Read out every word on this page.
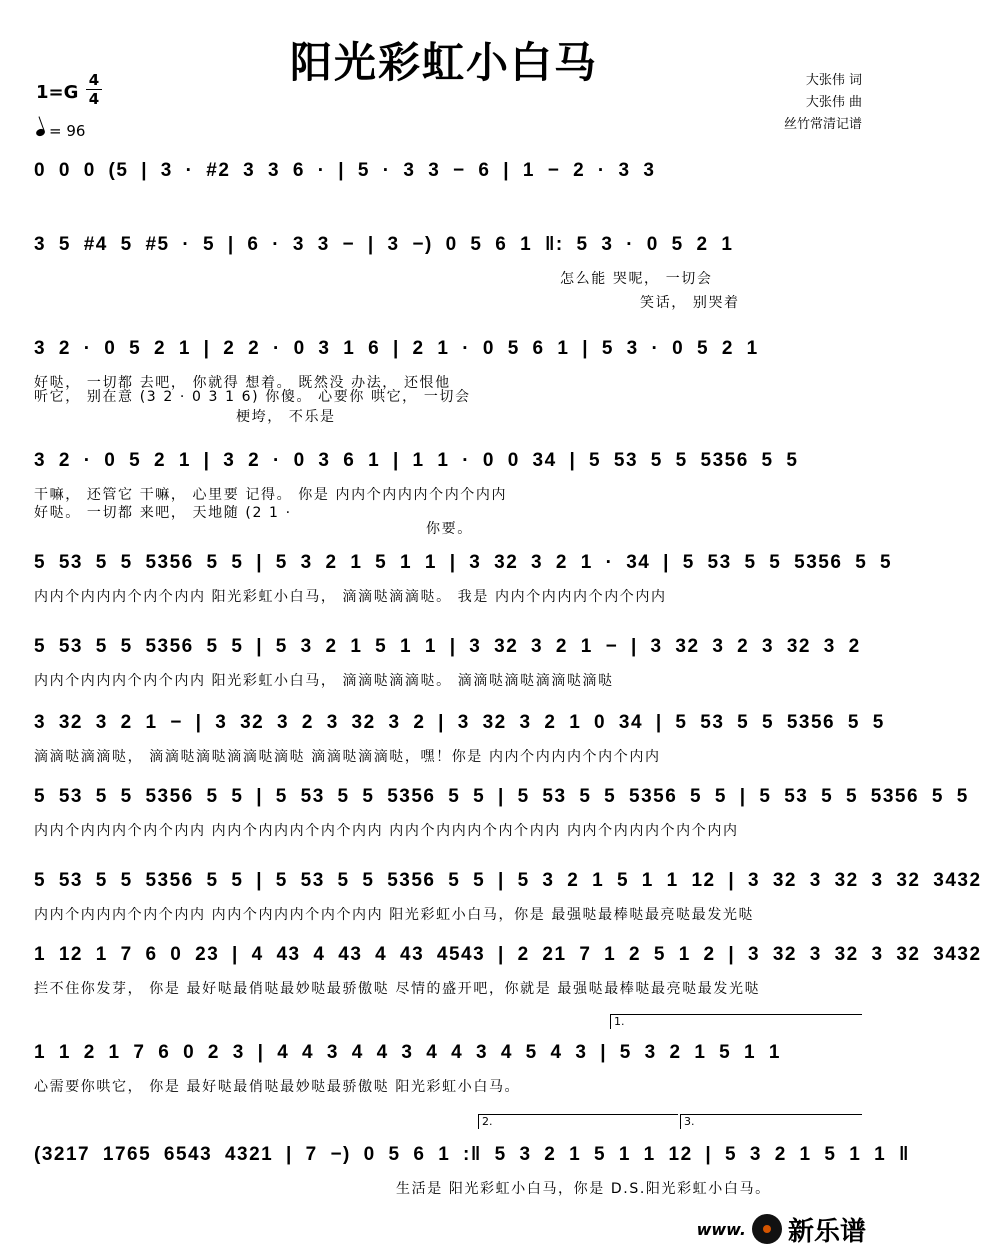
阳光彩虹小白马
1=G
4
4
= 96
大张伟 词
大张伟 曲
丝竹常清记谱
0 0 0 (5 | 3 · #2 3 3 6 · | 5 · 3 3 − 6 | 1 − 2 · 3 3
3 5 #4 5 #5 · 5 | 6 · 3 3 − | 3 −) 0 5 6 1 ‖: 5 3 · 0 5 2 1
怎么能 哭呢， 一切会
笑话， 别哭着
3 2 · 0 5 2 1 | 2 2 · 0 3 1 6 | 2 1 · 0 5 6 1 | 5 3 · 0 5 2 1
好哒， 一切都 去吧， 你就得 想着。 既然没 办法， 还恨他
听它， 别在意 (3 2 · 0 3 1 6) 你傻。 心要你 哄它， 一切会
梗垮， 不乐是
3 2 · 0 5 2 1 | 3 2 · 0 3 6 1 | 1 1 · 0 0 34 | 5 53 5 5 5356 5 5
干嘛， 还管它 干嘛， 心里要 记得。 你是 内内个内内内个内个内内
好哒。 一切都 来吧， 天地随 (2 1 ·
你要。
5 53 5 5 5356 5 5 | 5 3 2 1 5 1 1 | 3 32 3 2 1 · 34 | 5 53 5 5 5356 5 5
内内个内内内个内个内内 阳光彩虹小白马， 滴滴哒滴滴哒。 我是 内内个内内内个内个内内
5 53 5 5 5356 5 5 | 5 3 2 1 5 1 1 | 3 32 3 2 1 − | 3 32 3 2 3 32 3 2
内内个内内内个内个内内 阳光彩虹小白马， 滴滴哒滴滴哒。 滴滴哒滴哒滴滴哒滴哒
3 32 3 2 1 − | 3 32 3 2 3 32 3 2 | 3 32 3 2 1 0 34 | 5 53 5 5 5356 5 5
滴滴哒滴滴哒， 滴滴哒滴哒滴滴哒滴哒 滴滴哒滴滴哒，嘿！你是 内内个内内内个内个内内
5 53 5 5 5356 5 5 | 5 53 5 5 5356 5 5 | 5 53 5 5 5356 5 5 | 5 53 5 5 5356 5 5
内内个内内内个内个内内 内内个内内内个内个内内 内内个内内内个内个内内 内内个内内内个内个内内
5 53 5 5 5356 5 5 | 5 53 5 5 5356 5 5 | 5 3 2 1 5 1 1 12 | 3 32 3 32 3 32 3432
内内个内内内个内个内内 内内个内内内个内个内内 阳光彩虹小白马，你是 最强哒最棒哒最亮哒最发光哒
1 12 1 7 6 0 23 | 4 43 4 43 4 43 4543 | 2 21 7 1 2 5 1 2 | 3 32 3 32 3 32 3432
拦不住你发芽， 你是 最好哒最俏哒最妙哒最骄傲哒 尽情的盛开吧，你就是 最强哒最棒哒最亮哒最发光哒
1.
1 1 2 1 7 6 0 2 3 | 4 4 3 4 4 3 4 4 3 4 5 4 3 | 5 3 2 1 5 1 1
心需要你哄它， 你是 最好哒最俏哒最妙哒最骄傲哒 阳光彩虹小白马。
2.	3.
(3217 1765 6543 4321 | 7 −) 0 5 6 1 :‖ 5 3 2 1 5 1 1 12 | 5 3 2 1 5 1 1 ‖
生活是 阳光彩虹小白马，你是 D.S.阳光彩虹小白马。
www. 新乐谱
